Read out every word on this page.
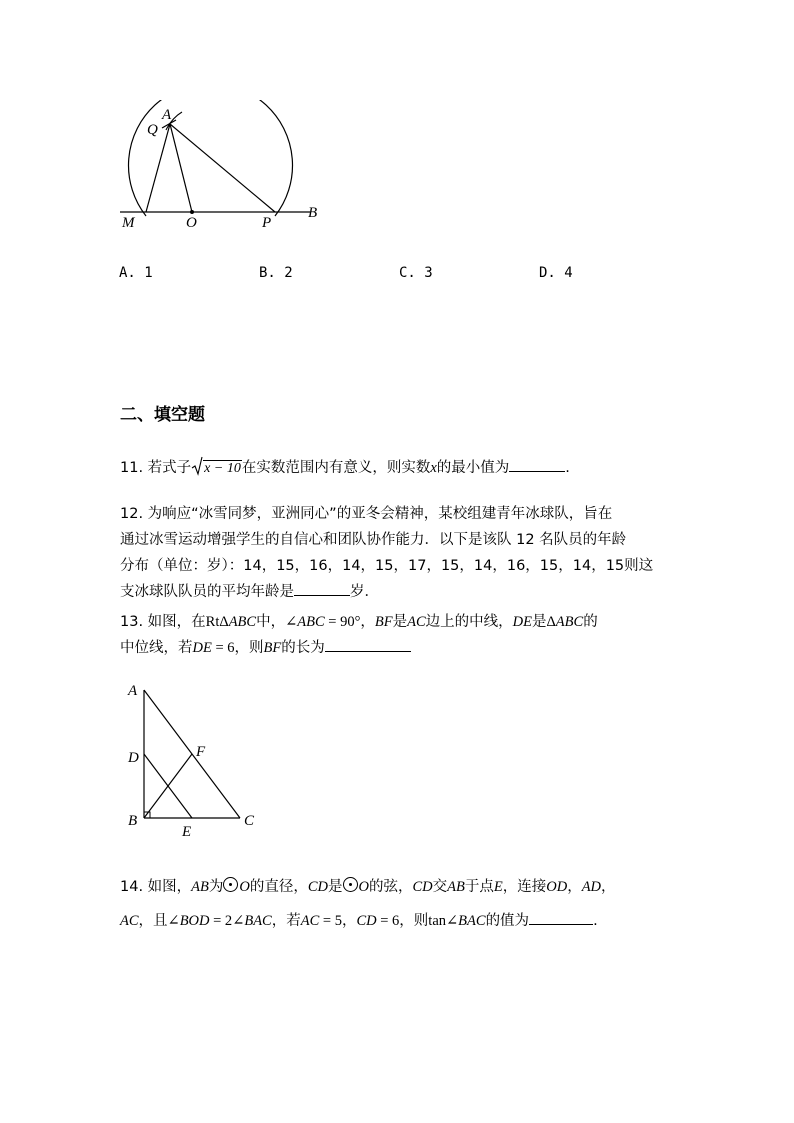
A
Q
M	O	P
B
A. 1	B. 2	C. 3	D. 4
二、填空题
11. 若式子 x − 10在实数范围内有意义，则实数x的最小值为	.
12. 为响应“冰雪同梦，亚洲同心”的亚冬会精神，某校组建青年冰球队，旨在
通过冰雪运动增强学生的自信心和团队协作能力．以下是该队 12 名队员的年龄
分布（单位：岁）：14，15，16，14，15，17，15，14，16，15，14，15则这
支冰球队队员的平均年龄是	岁．
13. 如图，在RtΔABC中，∠ABC = 90°，BF是AC边上的中线，DE是ΔABC的
中位线，若DE = 6，则BF的长为
A
D	F
B
E
C
14. 如图，AB为 O的直径，CD是 O的弦，CD交AB于点E，连接OD，AD，
AC，且∠BOD = 2∠BAC，若AC = 5，CD = 6，则tan∠BAC的值为	.
